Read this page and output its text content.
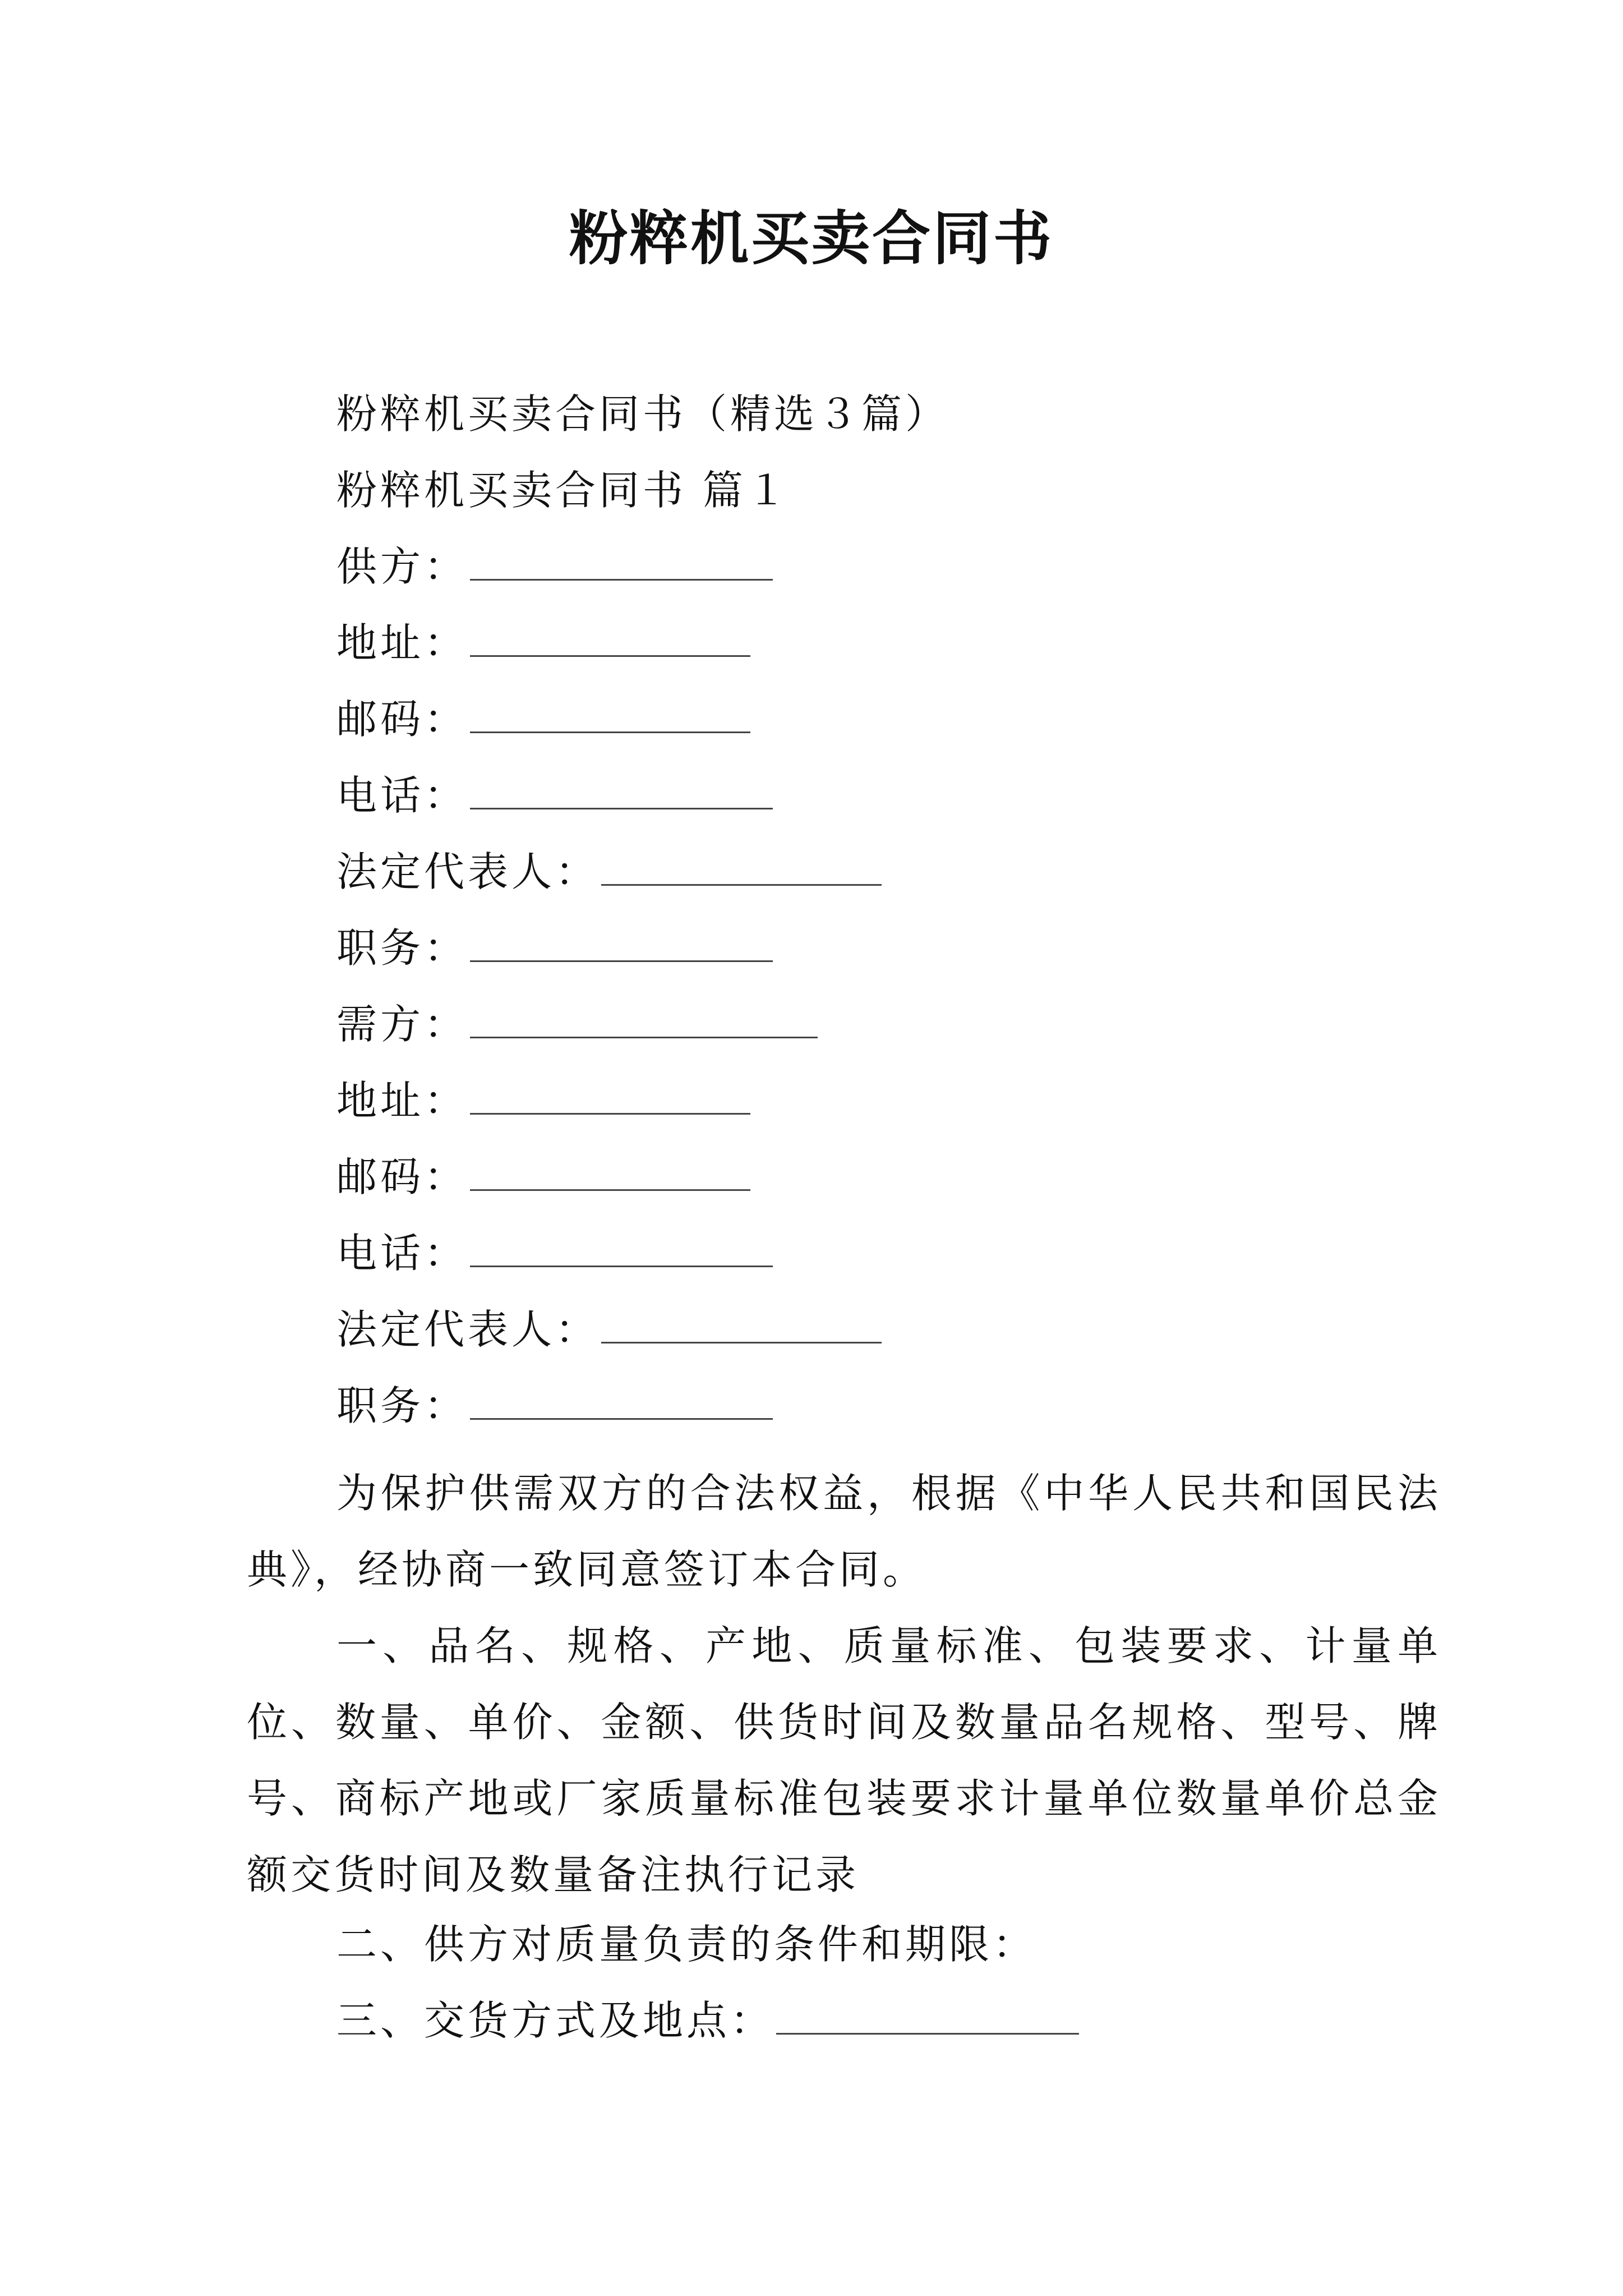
粉粹机买卖合同书
粉粹机买卖合同书（精选３篇）
粉粹机买卖合同书 篇１
供方：
地址：
邮码：
电话：
法定代表人：
职务：
需方：
地址：
邮码：
电话：
法定代表人：
职务：
为保护供需双方的合法权益，根据《中华人民共和国民法典》，经协商一致同意签订本合同。
一、品名、规格、产地、质量标准、包装要求、计量单位、数量、单价、金额、供货时间及数量品名规格、型号、牌号、商标产地或厂家质量标准包装要求计量单位数量单价总金额交货时间及数量备注执行记录
二、供方对质量负责的条件和期限：
三、交货方式及地点：
